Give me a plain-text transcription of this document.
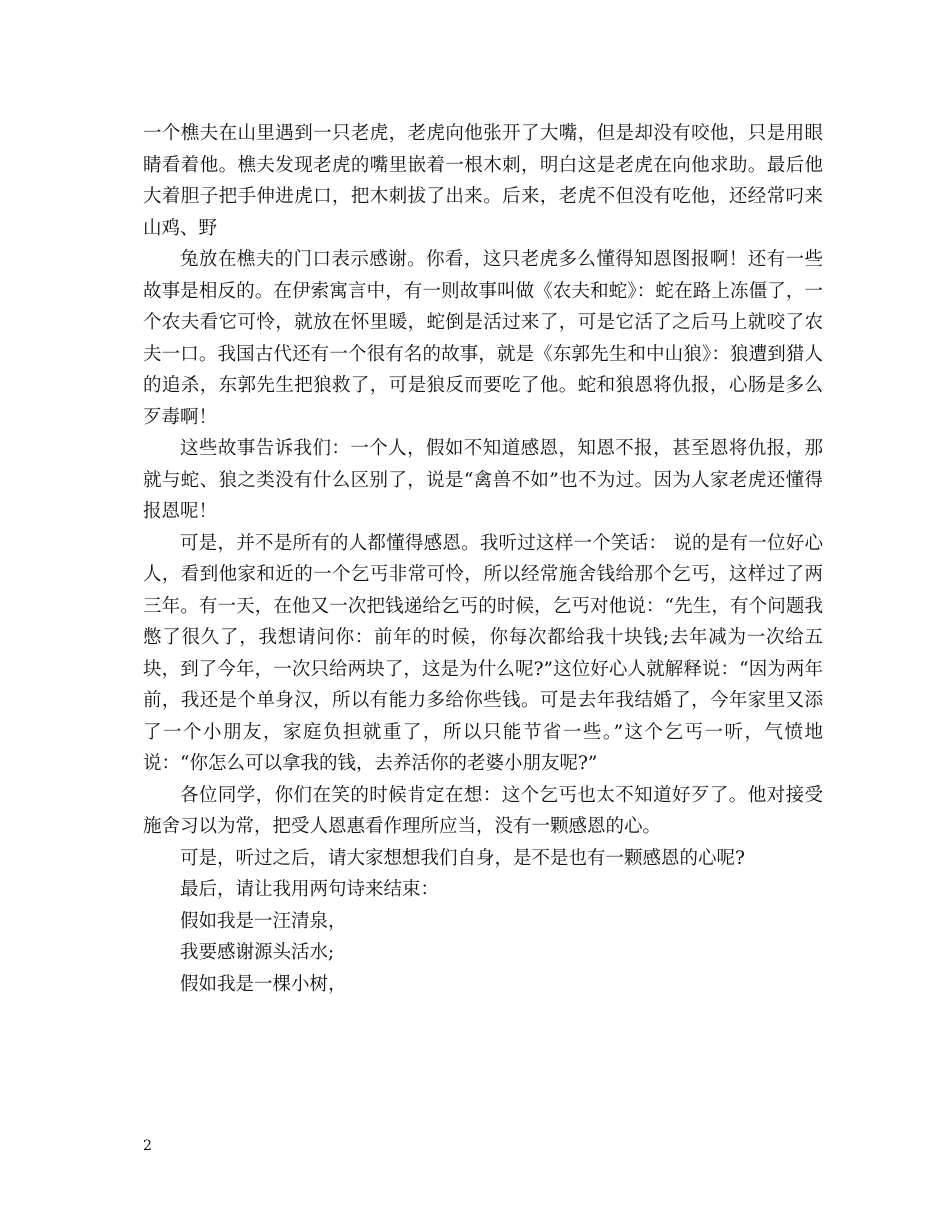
一个樵夫在山里遇到一只老虎，老虎向他张开了大嘴，但是却没有咬他，只是用眼睛看着他。樵夫发现老虎的嘴里嵌着一根木刺，明白这是老虎在向他求助。最后他大着胆子把手伸进虎口，把木刺拔了出来。后来，老虎不但没有吃他，还经常叼来山鸡、野

兔放在樵夫的门口表示感谢。你看，这只老虎多么懂得知恩图报啊！还有一些故事是相反的。在伊索寓言中，有一则故事叫做《农夫和蛇》：蛇在路上冻僵了，一个农夫看它可怜，就放在怀里暖，蛇倒是活过来了，可是它活了之后马上就咬了农夫一口。我国古代还有一个很有名的故事，就是《东郭先生和中山狼》：狼遭到猎人的追杀，东郭先生把狼救了，可是狼反而要吃了他。蛇和狼恩将仇报，心肠是多么歹毒啊！

这些故事告诉我们：一个人，假如不知道感恩，知恩不报，甚至恩将仇报，那就与蛇、狼之类没有什么区别了，说是“禽兽不如”也不为过。因为人家老虎还懂得报恩呢！

可是，并不是所有的人都懂得感恩。我听过这样一个笑话： 说的是有一位好心人，看到他家和近的一个乞丐非常可怜，所以经常施舍钱给那个乞丐，这样过了两三年。有一天，在他又一次把钱递给乞丐的时候，乞丐对他说：“先生，有个问题我憋了很久了，我想请问你：前年的时候，你每次都给我十块钱;去年减为一次给五块，到了今年，一次只给两块了，这是为什么呢?”这位好心人就解释说：“因为两年前，我还是个单身汉，所以有能力多给你些钱。可是去年我结婚了，今年家里又添了一个小朋友，家庭负担就重了，所以只能节省一些。”这个乞丐一听，气愤地说：“你怎么可以拿我的钱，去养活你的老婆小朋友呢?”

各位同学，你们在笑的时候肯定在想：这个乞丐也太不知道好歹了。他对接受施舍习以为常，把受人恩惠看作理所应当，没有一颗感恩的心。

可是，听过之后，请大家想想我们自身，是不是也有一颗感恩的心呢?

最后，请让我用两句诗来结束：

假如我是一汪清泉，

我要感谢源头活水;

假如我是一棵小树，

2
